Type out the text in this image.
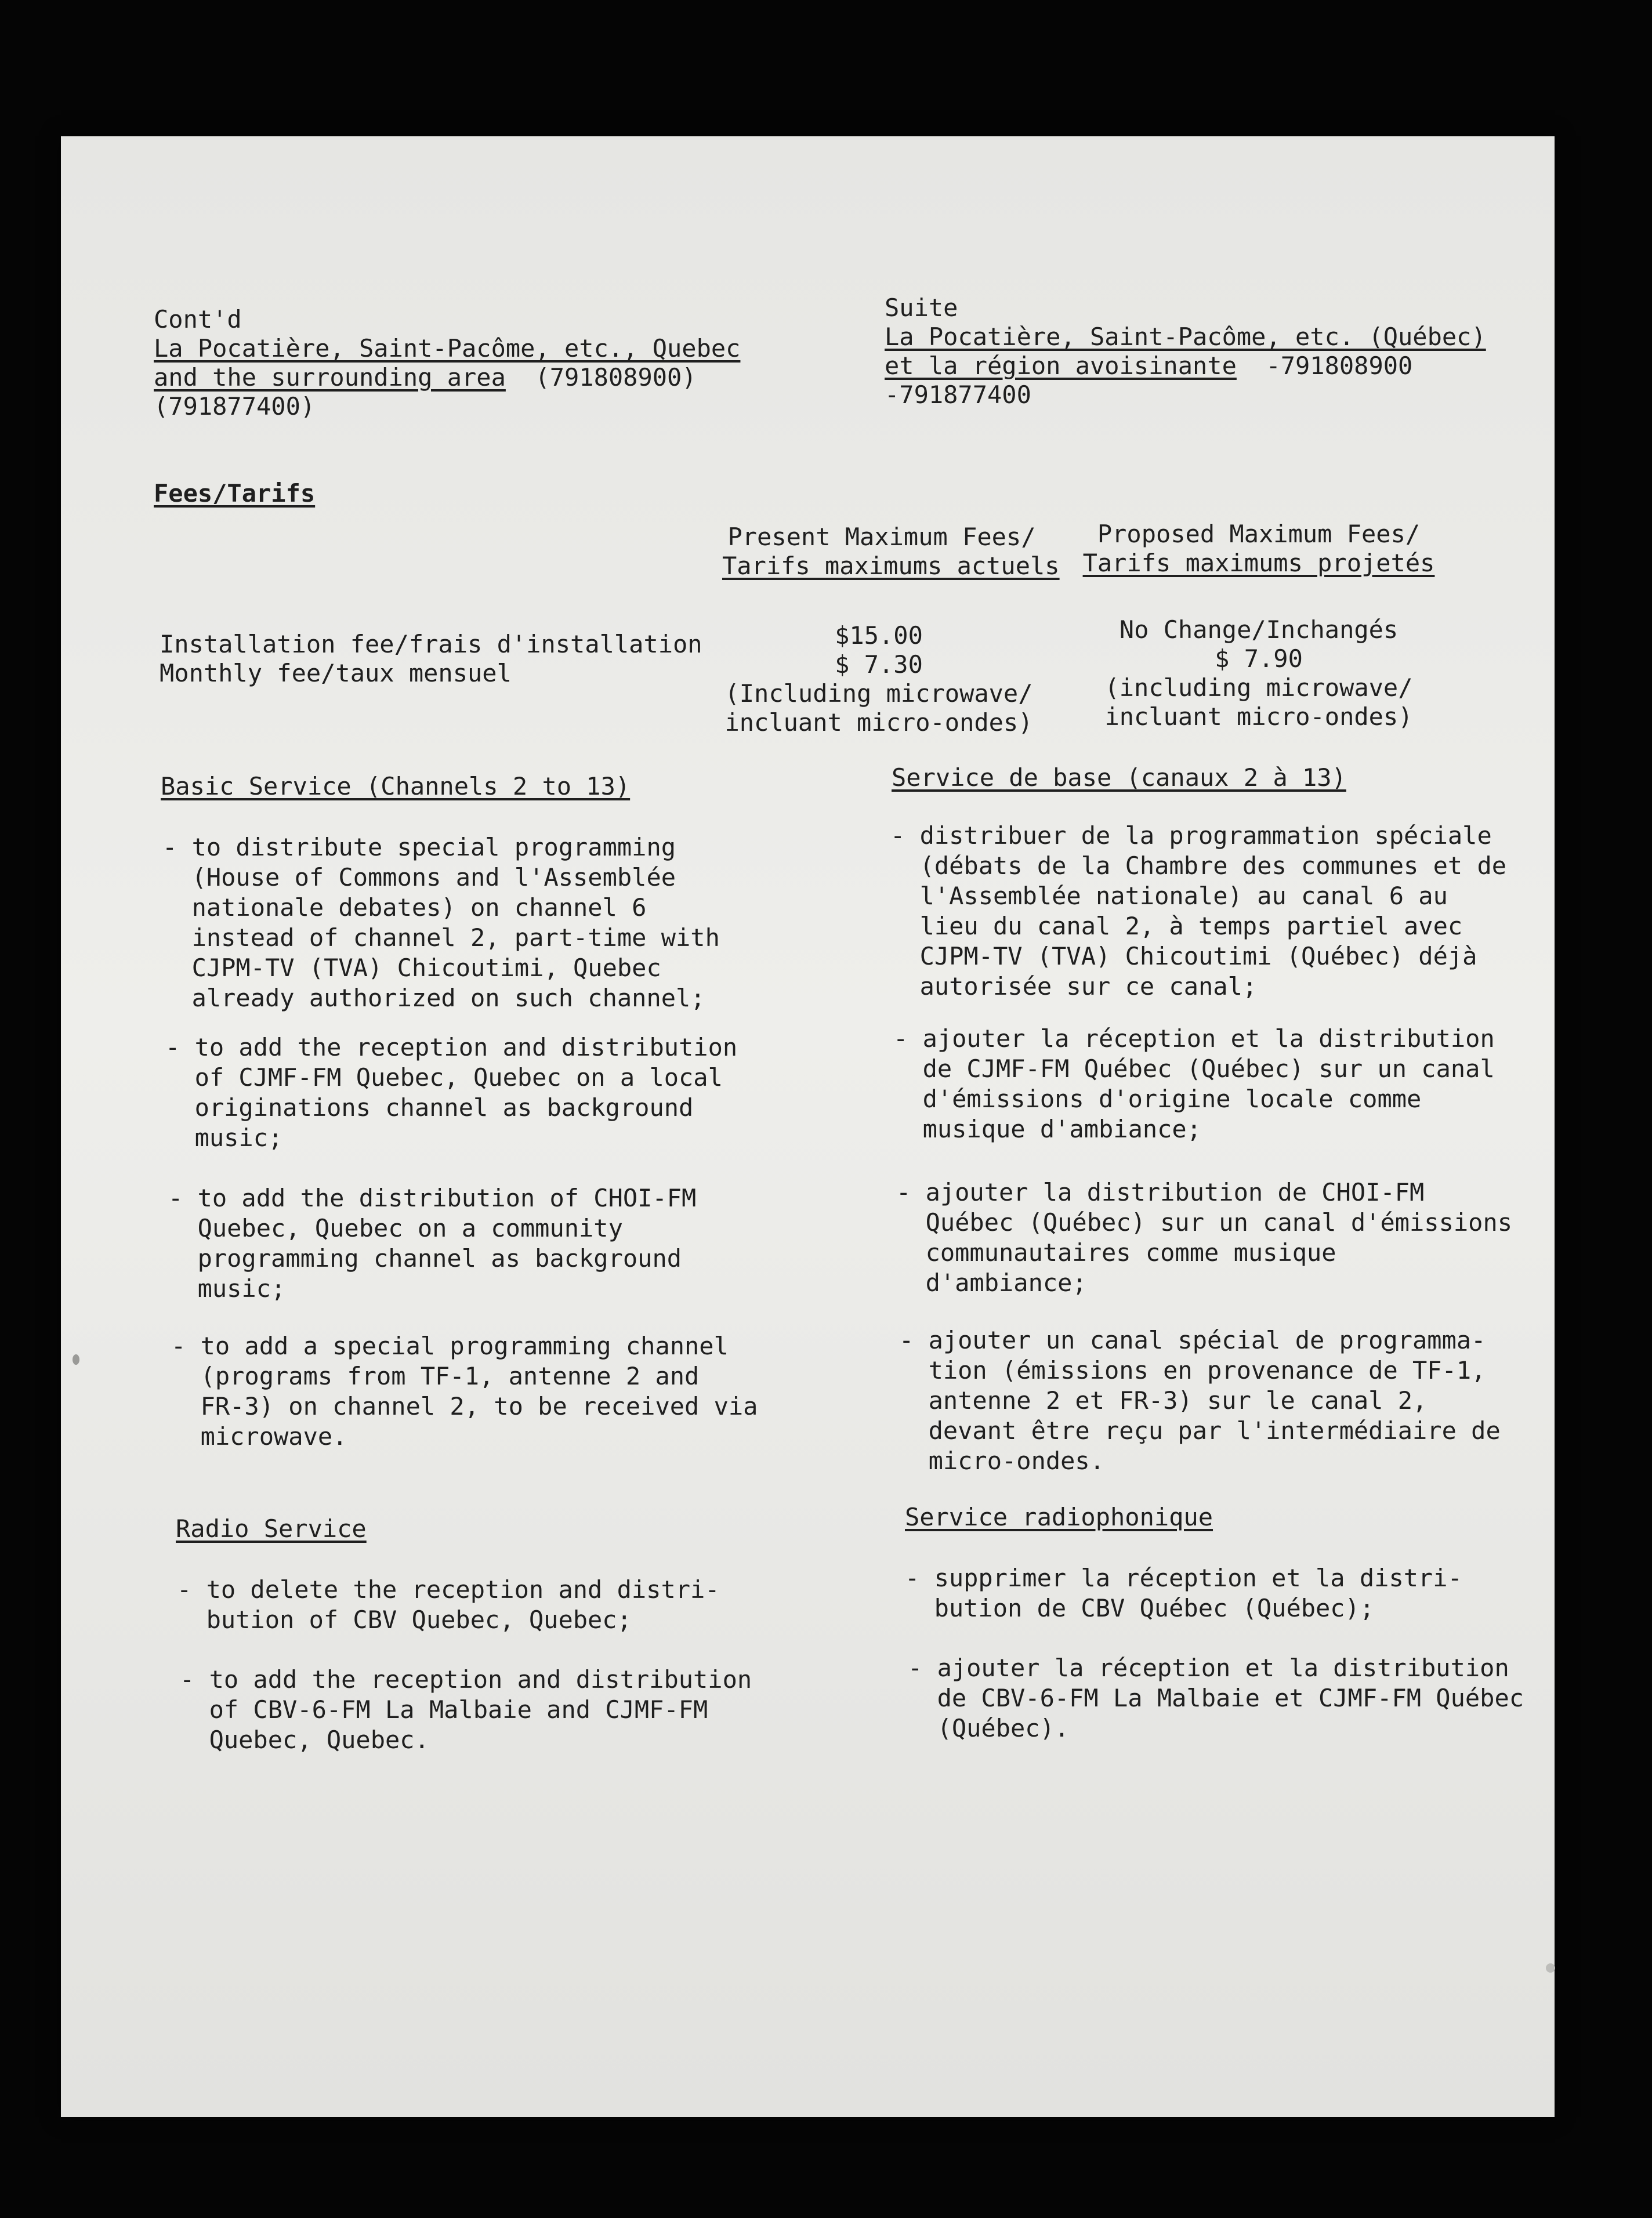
Cont'd
La Pocatière, Saint-Pacôme, etc., Quebec
and the surrounding area (791808900)
(791877400)
Suite
La Pocatière, Saint-Pacôme, etc. (Québec)
et la région avoisinante -791808900
-791877400
Fees/Tarifs
Present Maximum Fees/
Tarifs maximums actuels
Proposed Maximum Fees/
Tarifs maximums projetés
Installation fee/frais d'installation
Monthly fee/taux mensuel
$15.00
$ 7.30
(Including microwave/
incluant micro-ondes)
No Change/Inchangés
$ 7.90
(including microwave/
incluant micro-ondes)
Basic Service (Channels 2 to 13)	Service de base (canaux 2 à 13)
- to distribute special programming
(House of Commons and l'Assemblée
nationale debates) on channel 6
instead of channel 2, part-time with
CJPM-TV (TVA) Chicoutimi, Quebec
already authorized on such channel;
- to add the reception and distribution
of CJMF-FM Quebec, Quebec on a local
originations channel as background
music;
- to add the distribution of CHOI-FM
Quebec, Quebec on a community
programming channel as background
music;
- to add a special programming channel
(programs from TF-1, antenne 2 and
FR-3) on channel 2, to be received via
microwave.
- distribuer de la programmation spéciale
(débats de la Chambre des communes et de
l'Assemblée nationale) au canal 6 au
lieu du canal 2, à temps partiel avec
CJPM-TV (TVA) Chicoutimi (Québec) déjà
autorisée sur ce canal;
- ajouter la réception et la distribution
de CJMF-FM Québec (Québec) sur un canal
d'émissions d'origine locale comme
musique d'ambiance;
- ajouter la distribution de CHOI-FM
Québec (Québec) sur un canal d'émissions
communautaires comme musique
d'ambiance;
- ajouter un canal spécial de programma-
tion (émissions en provenance de TF-1,
antenne 2 et FR-3) sur le canal 2,
devant être reçu par l'intermédiaire de
micro-ondes.
Radio Service	Service radiophonique
- to delete the reception and distri-
bution of CBV Quebec, Quebec;
- to add the reception and distribution
of CBV-6-FM La Malbaie and CJMF-FM
Quebec, Quebec.
- supprimer la réception et la distri-
bution de CBV Québec (Québec);
- ajouter la réception et la distribution
de CBV-6-FM La Malbaie et CJMF-FM Québec
(Québec).
